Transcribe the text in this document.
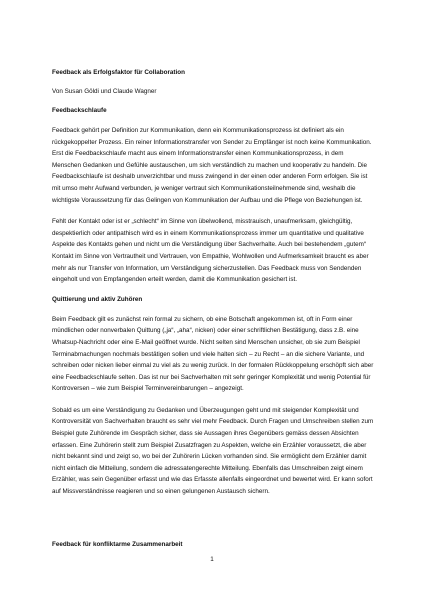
Feedback als Erfolgsfaktor für Collaboration
Von Susan Göldi und Claude Wagner
Feedbackschlaufe

Feedback gehört per Definition zur Kommunikation, denn ein Kommunikationsprozess ist definiert als ein rückgekoppelter Prozess. Ein reiner Informationstransfer von Sender zu Empfänger ist noch keine Kommunikation. Erst die Feedbackschlaufe macht aus einem Informationstransfer einen Kommunikationsprozess, in dem Menschen Gedanken und Gefühle austauschen, um sich verständlich zu machen und kooperativ zu handeln. Die Feedbackschlaufe ist deshalb unverzichtbar und muss zwingend in der einen oder anderen Form erfolgen. Sie ist mit umso mehr Aufwand verbunden, je weniger vertraut sich Kommunikationsteilnehmende sind, weshalb die wichtigste Voraussetzung für das Gelingen von Kommunikation der Aufbau und die Pflege von Beziehungen ist.

Fehlt der Kontakt oder ist er „schlecht“ im Sinne von übelwollend, misstrauisch, unaufmerksam, gleichgültig, despektierlich oder antipathisch wird es in einem Kommunikationsprozess immer um quantitative und qualitative Aspekte des Kontakts gehen und nicht um die Verständigung über Sachverhalte. Auch bei bestehendem „gutem“ Kontakt im Sinne von Vertrautheit und Vertrauen, von Empathie, Wohlwollen und Aufmerksamkeit braucht es aber mehr als nur Transfer von Information, um Verständigung sicherzustellen. Das Feedback muss von Sendenden eingeholt und von Empfangenden erteilt werden, damit die Kommunikation gesichert ist.

Quittierung und aktiv Zuhören

Beim Feedback gilt es zunächst rein formal zu sichern, ob eine Botschaft angekommen ist, oft in Form einer mündlichen oder nonverbalen Quittung („ja“, „aha“, nicken) oder einer schriftlichen Bestätigung, dass z.B. eine Whatsup-Nachricht oder eine E-Mail geöffnet wurde. Nicht selten sind Menschen unsicher, ob sie zum Beispiel Terminabmachungen nochmals bestätigen sollen und viele halten sich – zu Recht – an die sichere Variante, und schreiben oder nicken lieber einmal zu viel als zu wenig zurück. In der formalen Rückkoppelung erschöpft sich aber eine Feedbackschlaufe selten. Das ist nur bei Sachverhalten mit sehr geringer Komplexität und wenig Potential für Kontroversen – wie zum Beispiel Terminvereinbarungen – angezeigt.

Sobald es um eine Verständigung zu Gedanken und Überzeugungen geht und mit steigender Komplexität und Kontroversität von Sachverhalten braucht es sehr viel mehr Feedback. Durch Fragen und Umschreiben stellen zum Beispiel gute Zuhörende im Gespräch sicher, dass sie Aussagen ihres Gegenübers gemäss dessen Absichten erfassen. Eine Zuhörerin stellt zum Beispiel Zusatzfragen zu Aspekten, welche ein Erzähler voraussetzt, die aber nicht bekannt sind und zeigt so, wo bei der Zuhörerin Lücken vorhanden sind. Sie ermöglicht dem Erzähler damit nicht einfach die Mitteilung, sondern die adressatengerechte Mitteilung. Ebenfalls das Umschreiben zeigt einem Erzähler, was sein Gegenüber erfasst und wie das Erfasste allenfalls eingeordnet und bewertet wird. Er kann sofort auf Missverständnisse reagieren und so einen gelungenen Austausch sichern.

Feedback für konfliktarme Zusammenarbeit
1
